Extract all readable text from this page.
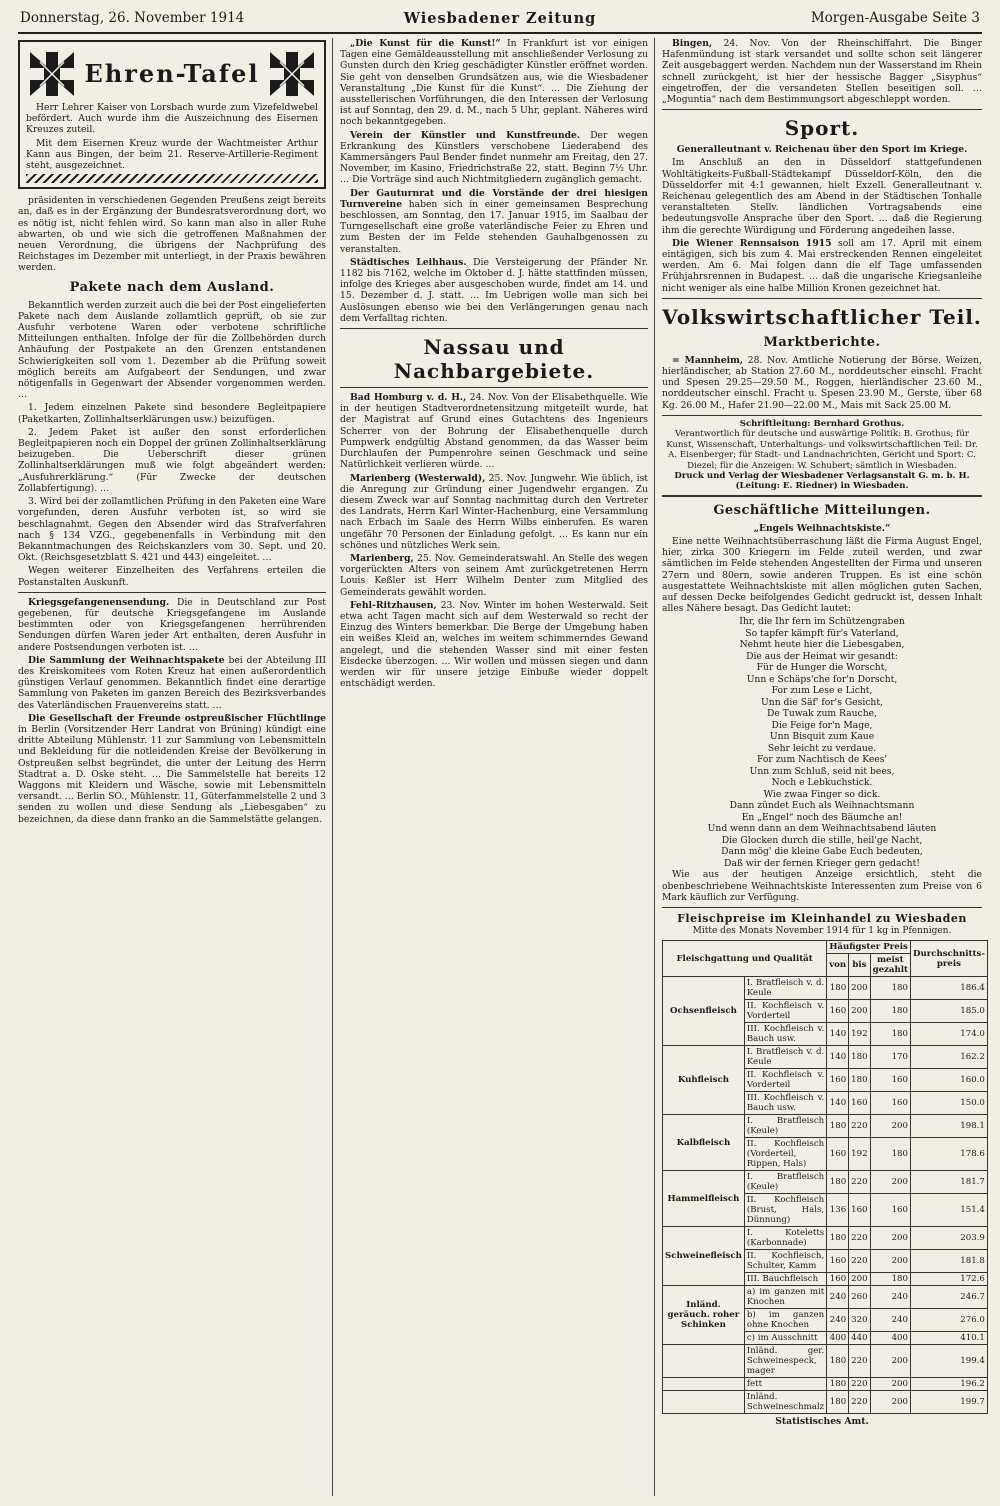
Donnerstag, 26. November 1914	Wiesbadener Zeitung	Morgen-Ausgabe Seite 3
Ehren-Tafel

Herr Lehrer Kaiser von Lorsbach wurde zum Vizefeldwebel befördert. Auch wurde ihm die Auszeichnung des Eisernen Kreuzes zuteil.

Mit dem Eisernen Kreuz wurde der Wachtmeister Arthur Kann aus Bingen, der beim 21. Reserve-Artillerie-Regiment steht, ausgezeichnet.

präsidenten in verschiedenen Gegenden Preußens zeigt bereits an, daß es in der Ergänzung der Bundesratsverordnung dort, wo es nötig ist, nicht fehlen wird. So kann man also in aller Ruhe abwarten, ob und wie sich die getroffenen Maßnahmen der neuen Verordnung, die übrigens der Nachprüfung des Reichstages im Dezember mit unterliegt, in der Praxis bewähren werden.

Pakete nach dem Ausland.

Bekanntlich werden zurzeit auch die bei der Post eingelieferten Pakete nach dem Auslande zollamtlich geprüft, ob sie zur Ausfuhr verbotene Waren oder verbotene schriftliche Mitteilungen enthalten. Infolge der für die Zollbehörden durch Anhäufung der Postpakete an den Grenzen entstandenen Schwierigkeiten soll vom 1. Dezember ab die Prüfung soweit möglich bereits am Aufgabeort der Sendungen, und zwar nötigenfalls in Gegenwart der Absender vorgenommen werden. …

1. Jedem einzelnen Pakete sind besondere Begleitpapiere (Paketkarten, Zollinhaltserklärungen usw.) beizufügen.

2. Jedem Paket ist außer den sonst erforderlichen Begleitpapieren noch ein Doppel der grünen Zollinhaltserklärung beizugeben. Die Ueberschrift dieser grünen Zollinhaltserklärungen muß wie folgt abgeändert werden: „Ausfuhrerklärung.“ (Für Zwecke der deutschen Zollabfertigung). …

3. Wird bei der zollamtlichen Prüfung in den Paketen eine Ware vorgefunden, deren Ausfuhr verboten ist, so wird sie beschlagnahmt. Gegen den Absender wird das Strafverfahren nach § 134 VZG., gegebenenfalls in Verbindung mit den Bekanntmachungen des Reichskanzlers vom 30. Sept. und 20. Okt. (Reichsgesetzblatt S. 421 und 443) eingeleitet. …

Wegen weiterer Einzelheiten des Verfahrens erteilen die Postanstalten Auskunft.

Kriegsgefangenensendung. Die in Deutschland zur Post gegebenen, für deutsche Kriegsgefangene im Auslande bestimmten oder von Kriegsgefangenen herrührenden Sendungen dürfen Waren jeder Art enthalten, deren Ausfuhr in andere Postsendungen verboten ist. …

Die Sammlung der Weihnachtspakete bei der Abteilung III des Kreiskomitees vom Roten Kreuz hat einen außerordentlich günstigen Verlauf genommen. Bekanntlich findet eine derartige Sammlung von Paketen im ganzen Bereich des Bezirksverbandes des Vaterländischen Frauenvereins statt. …

Die Gesellschaft der Freunde ostpreußischer Flüchtlinge in Berlin (Vorsitzender Herr Landrat von Brüning) kündigt eine dritte Abteilung Mühlenstr. 11 zur Sammlung von Lebensmitteln und Bekleidung für die notleidenden Kreise der Bevölkerung in Ostpreußen selbst begründet, die unter der Leitung des Herrn Stadtrat a. D. Oske steht. … Die Sammelstelle hat bereits 12 Waggons mit Kleidern und Wäsche, sowie mit Lebensmitteln versandt. … Berlin SO., Mühlenstr. 11, Güterfammelstelle 2 und 3 senden zu wollen und diese Sendung als „Liebesgaben“ zu bezeichnen, da diese dann franko an die Sammelstätte gelangen.

„Die Kunst für die Kunst!“ In Frankfurt ist vor einigen Tagen eine Gemäldeausstellung mit anschließender Verlosung zu Gunsten durch den Krieg geschädigter Künstler eröffnet worden. Sie geht von denselben Grundsätzen aus, wie die Wiesbadener Veranstaltung „Die Kunst für die Kunst“. … Die Ziehung der ausstellerischen Vorführungen, die den Interessen der Verlosung ist auf Sonntag, den 29. d. M., nach 5 Uhr, geplant. Näheres wird noch bekanntgegeben.

Verein der Künstler und Kunstfreunde. Der wegen Erkrankung des Künstlers verschobene Liederabend des Kammersängers Paul Bender findet nunmehr am Freitag, den 27. November, im Kasino, Friedrichstraße 22, statt. Beginn 7½ Uhr. … Die Vorträge sind auch Nichtmitgliedern zugänglich gemacht.

Der Gauturnrat und die Vorstände der drei hiesigen Turnvereine haben sich in einer gemeinsamen Besprechung beschlossen, am Sonntag, den 17. Januar 1915, im Saalbau der Turngesellschaft eine große vaterländische Feier zu Ehren und zum Besten der im Felde stehenden Gauhalbgenossen zu veranstalten.

Städtisches Leihhaus. Die Versteigerung der Pfänder Nr. 1182 bis 7162, welche im Oktober d. J. hätte stattfinden müssen, infolge des Krieges aber ausgeschoben wurde, findet am 14. und 15. Dezember d. J. statt. … Im Uebrigen wolle man sich bei Auslösungen ebenso wie bei den Verlängerungen genau nach dem Verfalltag richten.

Nassau und Nachbargebiete.

Bad Homburg v. d. H., 24. Nov. Von der Elisabethquelle. Wie in der heutigen Stadtverordnetensitzung mitgeteilt wurde, hat der Magistrat auf Grund eines Gutachtens des Ingenieurs Scherrer von der Bohrung der Elisabethenquelle durch Pumpwerk endgültig Abstand genommen, da das Wasser beim Durchlaufen der Pumpenrohre seinen Geschmack und seine Natürlichkeit verlieren würde. …

Marienberg (Westerwald), 25. Nov. Jungwehr. Wie üblich, ist die Anregung zur Gründung einer Jugendwehr ergangen. Zu diesem Zweck war auf Sonntag nachmittag durch den Vertreter des Landrats, Herrn Karl Winter-Hachenburg, eine Versammlung nach Erbach im Saale des Herrn Wilbs einberufen. Es waren ungefähr 70 Personen der Einladung gefolgt. … Es kann nur ein schönes und nützliches Werk sein.

Marienberg, 25. Nov. Gemeinderatswahl. An Stelle des wegen vorgerückten Alters von seinem Amt zurückgetretenen Herrn Louis Keßler ist Herr Wilhelm Denter zum Mitglied des Gemeinderats gewählt worden.

Fehl-Ritzhausen, 23. Nov. Winter im hohen Westerwald. Seit etwa acht Tagen macht sich auf dem Westerwald so recht der Einzug des Winters bemerkbar. Die Berge der Umgebung haben ein weißes Kleid an, welches im weitem schimmerndes Gewand angelegt, und die stehenden Wasser sind mit einer festen Eisdecke überzogen. … Wir wollen und müssen siegen und dann werden wir für unsere jetzige Einbuße wieder doppelt entschädigt werden.

Bingen, 24. Nov. Von der Rheinschiffahrt. Die Binger Hafenmündung ist stark versandet und sollte schon seit längerer Zeit ausgebaggert werden. Nachdem nun der Wasserstand im Rhein schnell zurückgeht, ist hier der hessische Bagger „Sisyphus“ eingetroffen, der die versandeten Stellen beseitigen soll. … „Moguntia“ nach dem Bestimmungsort abgeschleppt worden.

Sport.

Generalleutnant v. Reichenau über den Sport im Kriege.

Im Anschluß an den in Düsseldorf stattgefundenen Wohltätigkeits-Fußball-Städtekampf Düsseldorf-Köln, den die Düsseldorfer mit 4:1 gewannen, hielt Exzell. Generalleutnant v. Reichenau gelegentlich des am Abend in der Städtischen Tonhalle veranstalteten Stellv. ländlichen Vortragsabends eine bedeutungsvolle Ansprache über den Sport. … daß die Regierung ihm die gerechte Würdigung und Förderung angedeihen lasse.

Die Wiener Rennsaison 1915 soll am 17. April mit einem eintägigen, sich bis zum 4. Mai erstreckenden Rennen eingeleitet werden. Am 6. Mai folgen dann die elf Tage umfassenden Frühjahrsrennen in Budapest. … daß die ungarische Kriegsanleihe nicht weniger als eine halbe Million Kronen gezeichnet hat.

Volkswirtschaftlicher Teil.
Marktberichte.

= Mannheim, 28. Nov. Amtliche Notierung der Börse. Weizen, hierländischer, ab Station 27.60 M., norddeutscher einschl. Fracht und Spesen 29.25—29.50 M., Roggen, hierländischer 23.60 M., norddeutscher einschl. Fracht u. Spesen 23.90 M., Gerste, über 68 Kg. 26.00 M., Hafer 21.90—22.00 M., Mais mit Sack 25.00 M.

Schriftleitung: Bernhard Grothus.
Verantwortlich für deutsche und auswärtige Politik: B. Grothus; für Kunst, Wissenschaft, Unterhaltungs- und volkswirtschaftlichen Teil: Dr. A. Eisenberger; für Stadt- und Landnachrichten, Gericht und Sport: C. Diezel; für die Anzeigen: W. Schubert; sämtlich in Wiesbaden.
Druck und Verlag der Wiesbadener Verlagsanstalt G. m. b. H. (Leitung: E. Riedner) in Wiesbaden.
Geschäftliche Mitteilungen.

„Engels Weihnachtskiste.“

Eine nette Weihnachtsüberraschung läßt die Firma August Engel, hier, zirka 300 Kriegern im Felde zuteil werden, und zwar sämtlichen im Felde stehenden Angestellten der Firma und unseren 27ern und 80ern, sowie anderen Truppen. Es ist eine schön ausgestattete Weihnachtskiste mit allen möglichen guten Sachen, auf dessen Decke beifolgendes Gedicht gedruckt ist, dessen Inhalt alles Nähere besagt. Das Gedicht lautet:

Ihr, die Ihr fern im Schützengraben
So tapfer kämpft für's Vaterland,
Nehmt heute hier die Liebesgaben,
Die aus der Heimat wir gesandt:
Für de Hunger die Worscht,
Unn e Schäps'che for'n Dorscht,
For zum Lese e Licht,
Unn die Säf' for's Gesicht,
De Tuwak zum Rauche,
Die Feige for'n Mage,
Unn Bisquit zum Kaue
Sehr leicht zu verdaue.
For zum Nachtisch de Kees'
Unn zum Schluß, seid nit bees,
Noch e Lebkuchstick.
Wie zwaa Finger so dick.
Dann zündet Euch als Weihnachtsmann
En „Engel“ noch des Bäumche an!
Und wenn dann an dem Weihnachtsabend läuten
Die Glocken durch die stille, heil'ge Nacht,
Dann mög' die kleine Gabe Euch bedeuten,
Daß wir der fernen Krieger gern gedacht!

Wie aus der heutigen Anzeige ersichtlich, steht die obenbeschriebene Weihnachtskiste Interessenten zum Preise von 6 Mark käuflich zur Verfügung.

Fleischpreise im Kleinhandel zu Wiesbaden
Mitte des Monats November 1914 für 1 kg in Pfennigen.
Fleischgattung und Qualität		Häufigster Preis			Durchschnitts-preis
		von	bis	meist gezahlt	
Ochsenfleisch	I. Bratfleisch v. d. Keule	180	200	180	186.4
	II. Kochfleisch v. Vorderteil	160	200	180	185.0
	III. Kochfleisch v. Bauch usw.	140	192	180	174.0
Kuhfleisch	I. Bratfleisch v. d. Keule	140	180	170	162.2
	II. Kochfleisch v. Vorderteil	160	180	160	160.0
	III. Kochfleisch v. Bauch usw.	140	160	160	150.0
Kalbfleisch	I. Bratfleisch (Keule)	180	220	200	198.1
	II. Kochfleisch (Vorderteil, Rippen, Hals)	160	192	180	178.6
Hammelfleisch	I. Bratfleisch (Keule)	180	220	200	181.7
	II. Kochfleisch (Brust, Hals, Dünnung)	136	160	160	151.4
Schweinefleisch	I. Koteletts (Karbonnade)	180	220	200	203.9
	II. Kochfleisch, Schulter, Kamm	160	220	200	181.8
	III. Bauchfleisch	160	200	180	172.6
Inländ. geräuch. roher Schinken	a) im ganzen mit Knochen	240	260	240	246.7
	b) im ganzen ohne Knochen	240	320	240	276.0
	c) im Ausschnitt	400	440	400	410.1
	Inländ. ger. Schweinespeck, mager	180	220	200	199.4
	fett	180	220	200	196.2
	Inländ. Schweineschmalz	180	220	200	199.7
Statistisches Amt.
